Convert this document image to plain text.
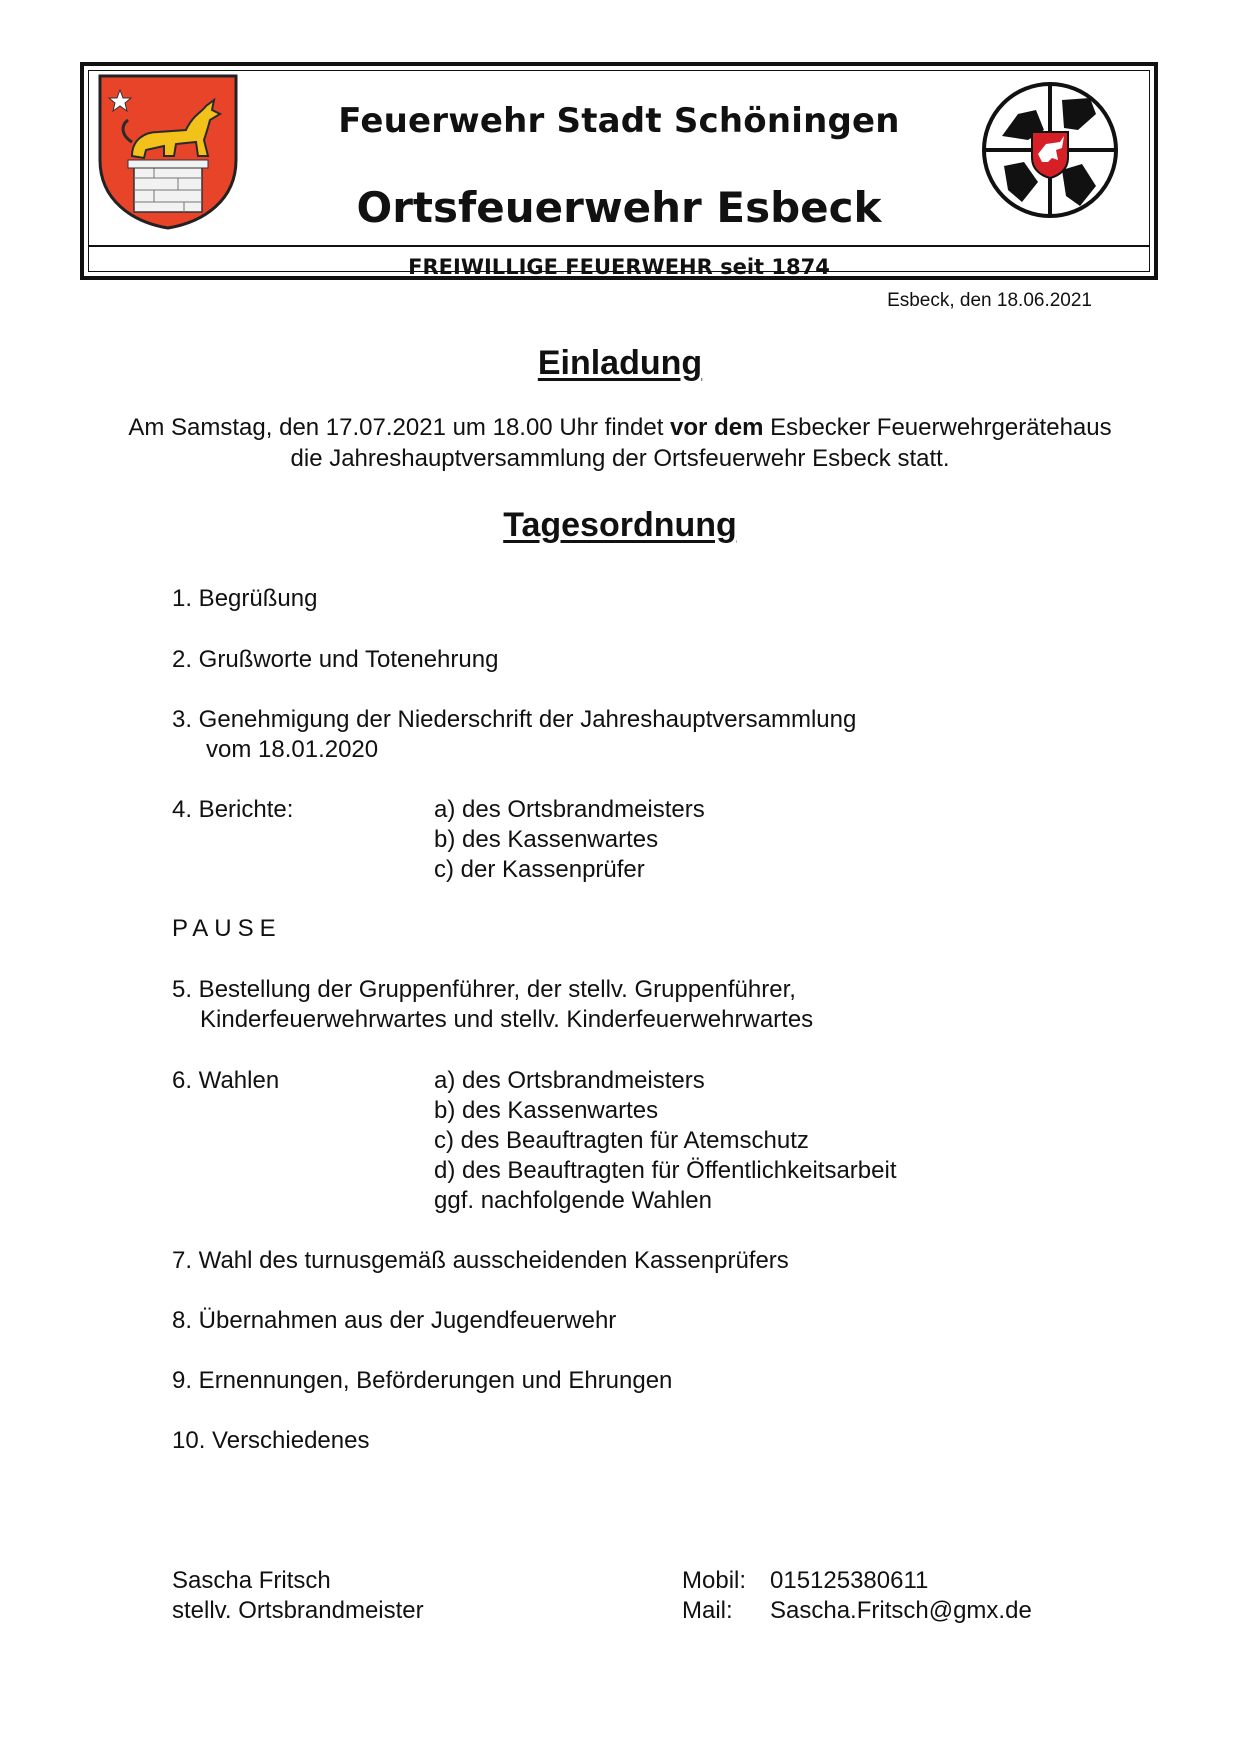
Feuerwehr Stadt Schöningen
Ortsfeuerwehr Esbeck
FREIWILLIGE FEUERWEHR seit 1874
Esbeck, den 18.06.2021
Einladung
Am Samstag, den 17.07.2021 um 18.00 Uhr findet vor dem Esbecker Feuerwehrgerätehaus
die Jahreshauptversammlung der Ortsfeuerwehr Esbeck statt.
Tagesordnung
1. Begrüßung
2. Grußworte und Totenehrung
3. Genehmigung der Niederschrift der Jahreshauptversammlung
vom 18.01.2020
4. Berichte:	a) des Ortsbrandmeisters
b) des Kassenwartes
c) der Kassenprüfer
PAUSE
5. Bestellung der Gruppenführer, der stellv. Gruppenführer,
Kinderfeuerwehrwartes und stellv. Kinderfeuerwehrwartes
6. Wahlen	a) des Ortsbrandmeisters
b) des Kassenwartes
c) des Beauftragten für Atemschutz
d) des Beauftragten für Öffentlichkeitsarbeit
ggf. nachfolgende Wahlen
7. Wahl des turnusgemäß ausscheidenden Kassenprüfers
8. Übernahmen aus der Jugendfeuerwehr
9. Ernennungen, Beförderungen und Ehrungen
10. Verschiedenes
Sascha Fritsch
stellv. Ortsbrandmeister
Mobil: 015125380611
Mail: Sascha.Fritsch@gmx.de
